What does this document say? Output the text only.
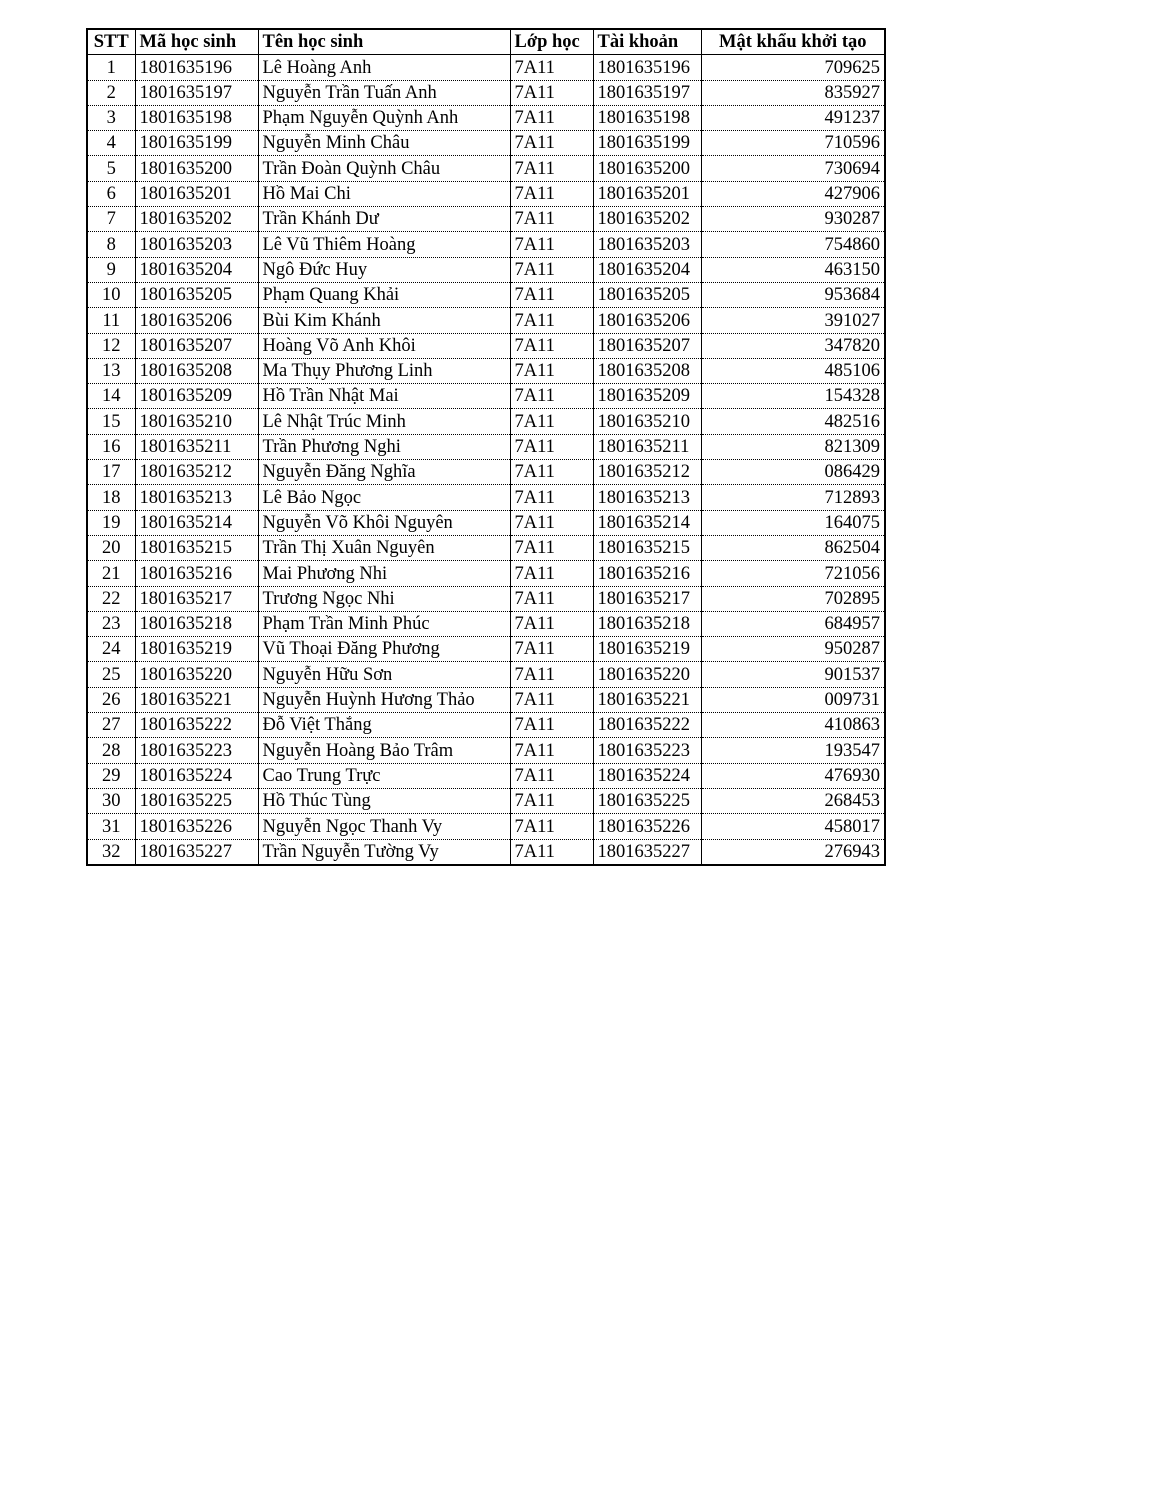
STT	Mã học sinh	Tên học sinh	Lớp học	Tài khoản	Mật khẩu khởi tạo
1	1801635196	Lê Hoàng Anh	7A11	1801635196	709625
2	1801635197	Nguyễn Trần Tuấn Anh	7A11	1801635197	835927
3	1801635198	Phạm Nguyễn Quỳnh Anh	7A11	1801635198	491237
4	1801635199	Nguyễn Minh Châu	7A11	1801635199	710596
5	1801635200	Trần Đoàn Quỳnh Châu	7A11	1801635200	730694
6	1801635201	Hồ Mai Chi	7A11	1801635201	427906
7	1801635202	Trần Khánh Dư	7A11	1801635202	930287
8	1801635203	Lê Vũ Thiêm Hoàng	7A11	1801635203	754860
9	1801635204	Ngô Đức Huy	7A11	1801635204	463150
10	1801635205	Phạm Quang Khải	7A11	1801635205	953684
11	1801635206	Bùi Kim Khánh	7A11	1801635206	391027
12	1801635207	Hoàng Võ Anh Khôi	7A11	1801635207	347820
13	1801635208	Ma Thụy Phương Linh	7A11	1801635208	485106
14	1801635209	Hồ Trần Nhật Mai	7A11	1801635209	154328
15	1801635210	Lê Nhật Trúc Minh	7A11	1801635210	482516
16	1801635211	Trần Phương Nghi	7A11	1801635211	821309
17	1801635212	Nguyễn Đăng Nghĩa	7A11	1801635212	086429
18	1801635213	Lê Bảo Ngọc	7A11	1801635213	712893
19	1801635214	Nguyễn Võ Khôi Nguyên	7A11	1801635214	164075
20	1801635215	Trần Thị Xuân Nguyên	7A11	1801635215	862504
21	1801635216	Mai Phương Nhi	7A11	1801635216	721056
22	1801635217	Trương Ngọc Nhi	7A11	1801635217	702895
23	1801635218	Phạm Trần Minh Phúc	7A11	1801635218	684957
24	1801635219	Vũ Thoại Đăng Phương	7A11	1801635219	950287
25	1801635220	Nguyễn Hữu Sơn	7A11	1801635220	901537
26	1801635221	Nguyễn Huỳnh Hương Thảo	7A11	1801635221	009731
27	1801635222	Đỗ Việt Thắng	7A11	1801635222	410863
28	1801635223	Nguyễn Hoàng Bảo Trâm	7A11	1801635223	193547
29	1801635224	Cao Trung Trực	7A11	1801635224	476930
30	1801635225	Hồ Thúc Tùng	7A11	1801635225	268453
31	1801635226	Nguyễn Ngọc Thanh Vy	7A11	1801635226	458017
32	1801635227	Trần Nguyễn Tường Vy	7A11	1801635227	276943
